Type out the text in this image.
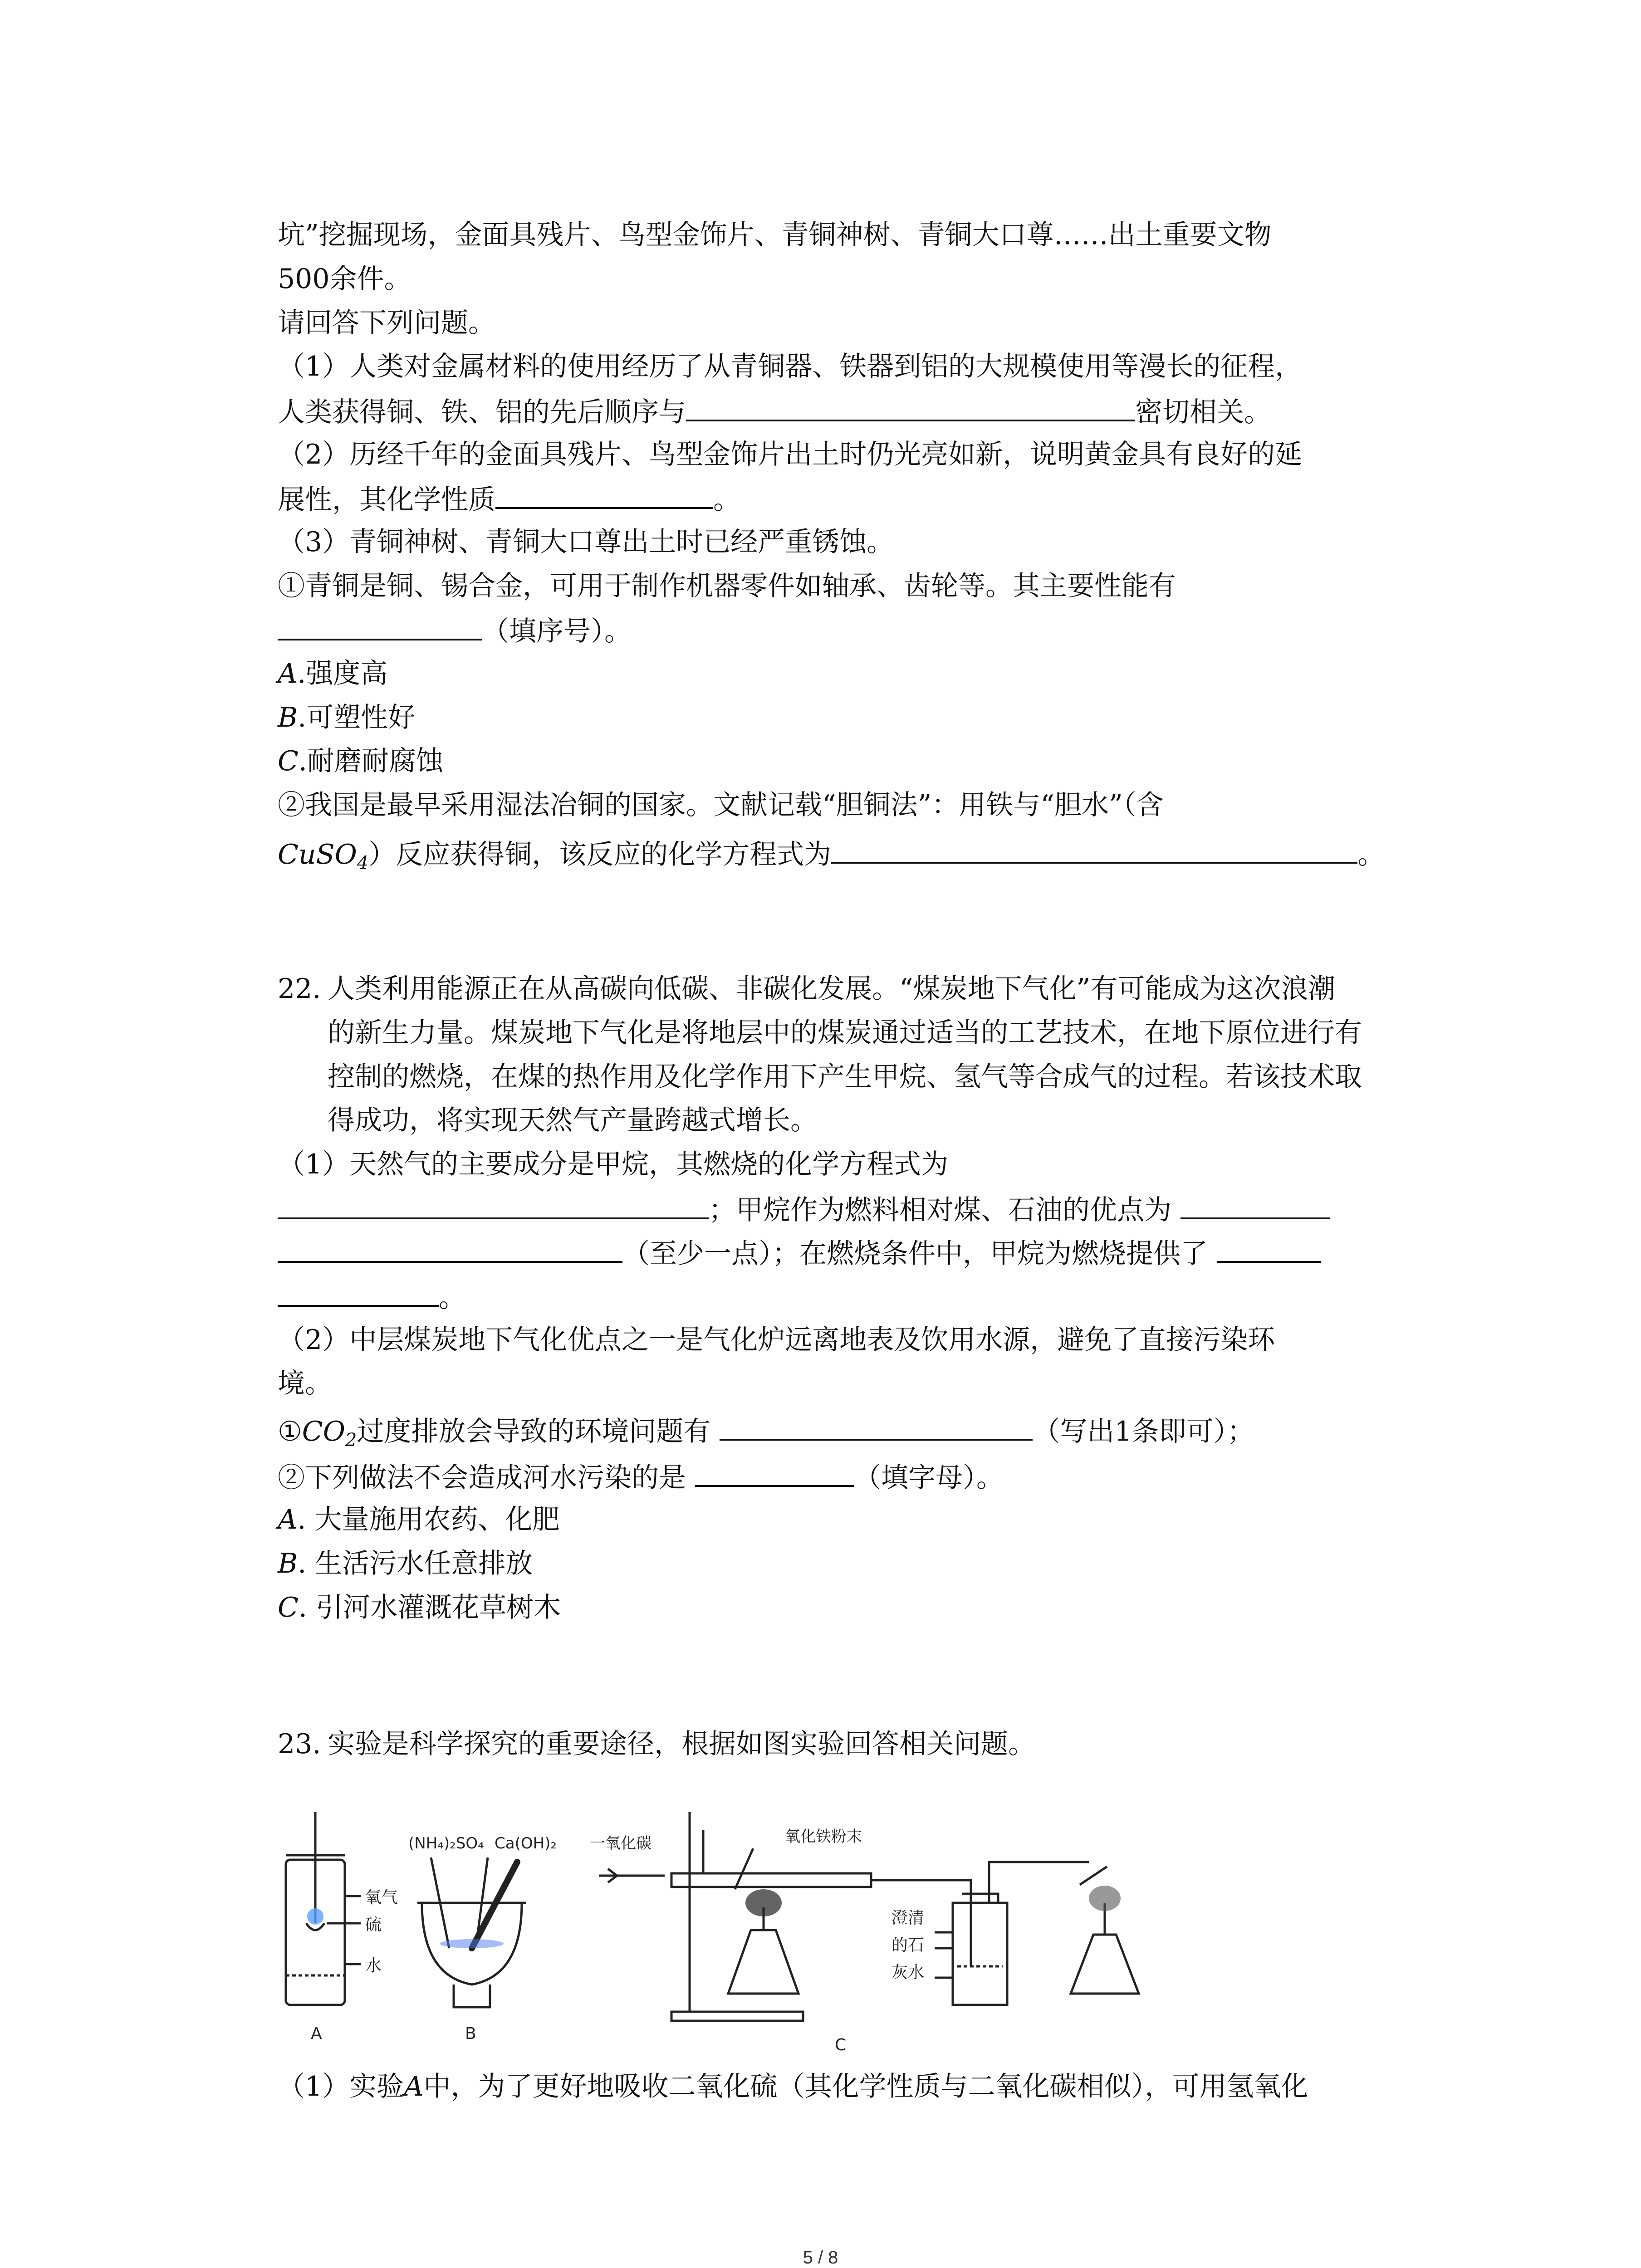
坑”挖掘现场，金面具残片、鸟型金饰片、青铜神树、青铜大口尊……出土重要文物
500余件。
请回答下列问题。
（1）人类对金属材料的使用经历了从青铜器、铁器到铝的大规模使用等漫长的征程，
人类获得铜、铁、铝的先后顺序与	密切相关。
（2）历经千年的金面具残片、鸟型金饰片出土时仍光亮如新，说明黄金具有良好的延
展性，其化学性质	。
（3）青铜神树、青铜大口尊出土时已经严重锈蚀。
①青铜是铜、锡合金，可用于制作机器零件如轴承、齿轮等。其主要性能有
（填序号）。
A.强度高
B.可塑性好
C.耐磨耐腐蚀
②我国是最早采用湿法冶铜的国家。文献记载“胆铜法”：用铁与“胆水”（含
CuSO$_4$）反应获得铜，该反应的化学方程式为	。
22. 人类利用能源正在从高碳向低碳、非碳化发展。“煤炭地下气化”有可能成为这次浪潮
的新生力量。煤炭地下气化是将地层中的煤炭通过适当的工艺技术，在地下原位进行有
控制的燃烧，在煤的热作用及化学作用下产生甲烷、氢气等合成气的过程。若该技术取
得成功，将实现天然气产量跨越式增长。
（1）天然气的主要成分是甲烷，其燃烧的化学方程式为
；甲烷作为燃料相对煤、石油的优点为
（至少一点）；在燃烧条件中，甲烷为燃烧提供了
。
（2）中层煤炭地下气化优点之一是气化炉远离地表及饮用水源，避免了直接污染环
境。
$①CO_2$过度排放会导致的环境问题有	（写出1条即可）；
②下列做法不会造成河水污染的是	（填字母）。
A. 大量施用农药、化肥
B. 生活污水任意排放
C. 引河水灌溉花草树木
23. 实验是科学探究的重要途径，根据如图实验回答相关问题。
氧气
硫
水
(NH₄)₂SO₄ Ca(OH)₂ 一氧化碳	氧化铁粉末
澄清
的石
灰水
A	B
C
（1）实验A中，为了更好地吸收二氧化硫（其化学性质与二氧化碳相似），可用氢氧化
5 / 8
